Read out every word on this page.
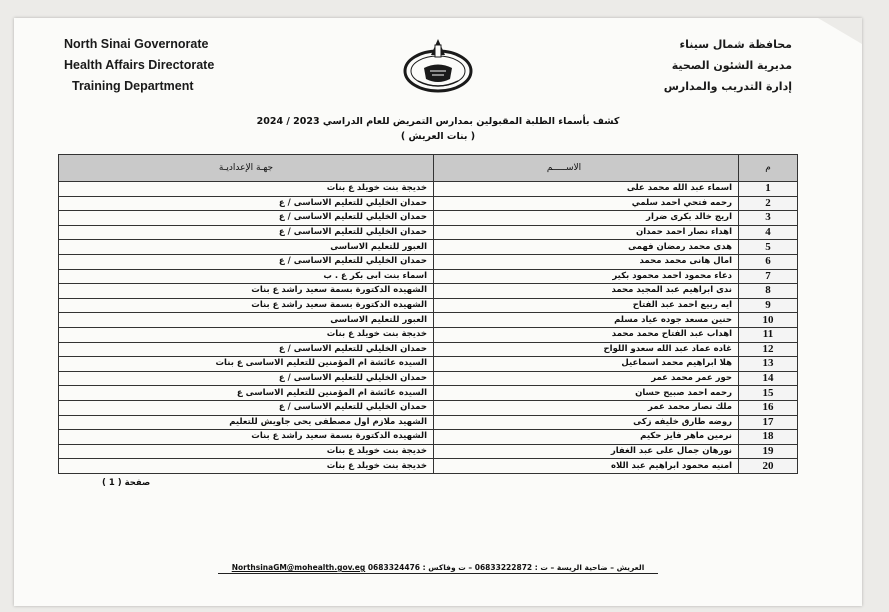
North Sinai Governorate
Health Affairs Directorate
Training Department
محافظة شمال سيناء
مديرية الشئون الصحية
إدارة التدريب والمدارس
كشف بأسماء الطلبة المقبولين بمدارس التمريض للعام الدراسي 2023 / 2024
( بنات العريش )
م	الاســـــم	جهـة الإعداديـة
1	اسماء عبد الله محمد على	خديجة بنت خويلد ع بنات
2	رحمه فتحي احمد سلمي	حمدان الخليلي للتعليم الاساسى / ع
3	اريج خالد بكرى ضرار	حمدان الخليلي للتعليم الاساسى / ع
4	اهداء نصار احمد حمدان	حمدان الخليلي للتعليم الاساسى / ع
5	هدى محمد رمضان فهمى	العبور للتعليم الاساسى
6	امال هانى محمد محمد	حمدان الخليلي للتعليم الاساسى / ع
7	دعاء محمود احمد محمود بكير	اسماء بنت ابى بكر ع . ب
8	ندى ابراهيم عبد المجيد محمد	الشهيده الدكتورة بسمة سعيد راشد ع بنات
9	ايه ربيع احمد عبد الفتاح	الشهيده الدكتورة بسمة سعيد راشد ع بنات
10	حنين مسعد جوده عياد مسلم	العبور للتعليم الاساسى
11	اهداب عبد الفتاح محمد محمد	خديجة بنت خويلد ع بنات
12	غاده عماد عبد الله سعدو اللواح	حمدان الخليلي للتعليم الاساسى / ع
13	هلا ابراهيم محمد اسماعيل	السيده عائشة ام المؤمنين للتعليم الاساسى ع بنات
14	حور عمر محمد عمر	حمدان الخليلي للتعليم الاساسى / ع
15	رحمه احمد صبيح حسان	السيده عائشة ام المؤمنين للتعليم الاساسى ع
16	ملك نصار محمد عمر	حمدان الخليلي للتعليم الاساسى / ع
17	روضه طارق خليفه زكى	الشهيد ملازم اول مصطفى يحى جاويش للتعليم
18	نرمين ماهر فايز حكيم	الشهيده الدكتورة بسمة سعيد راشد ع بنات
19	نورهان جمال على عبد الغفار	خديجة بنت خويلد ع بنات
20	امنيه محمود ابراهيم عبد اللاه	خديجة بنت خويلد ع بنات
صفحة ( 1 )
العريش – ضاحية الريسة – ت : 06833222872 – ت وفاكس : 0683324476 NorthsinaGM@mohealth.gov.eg
